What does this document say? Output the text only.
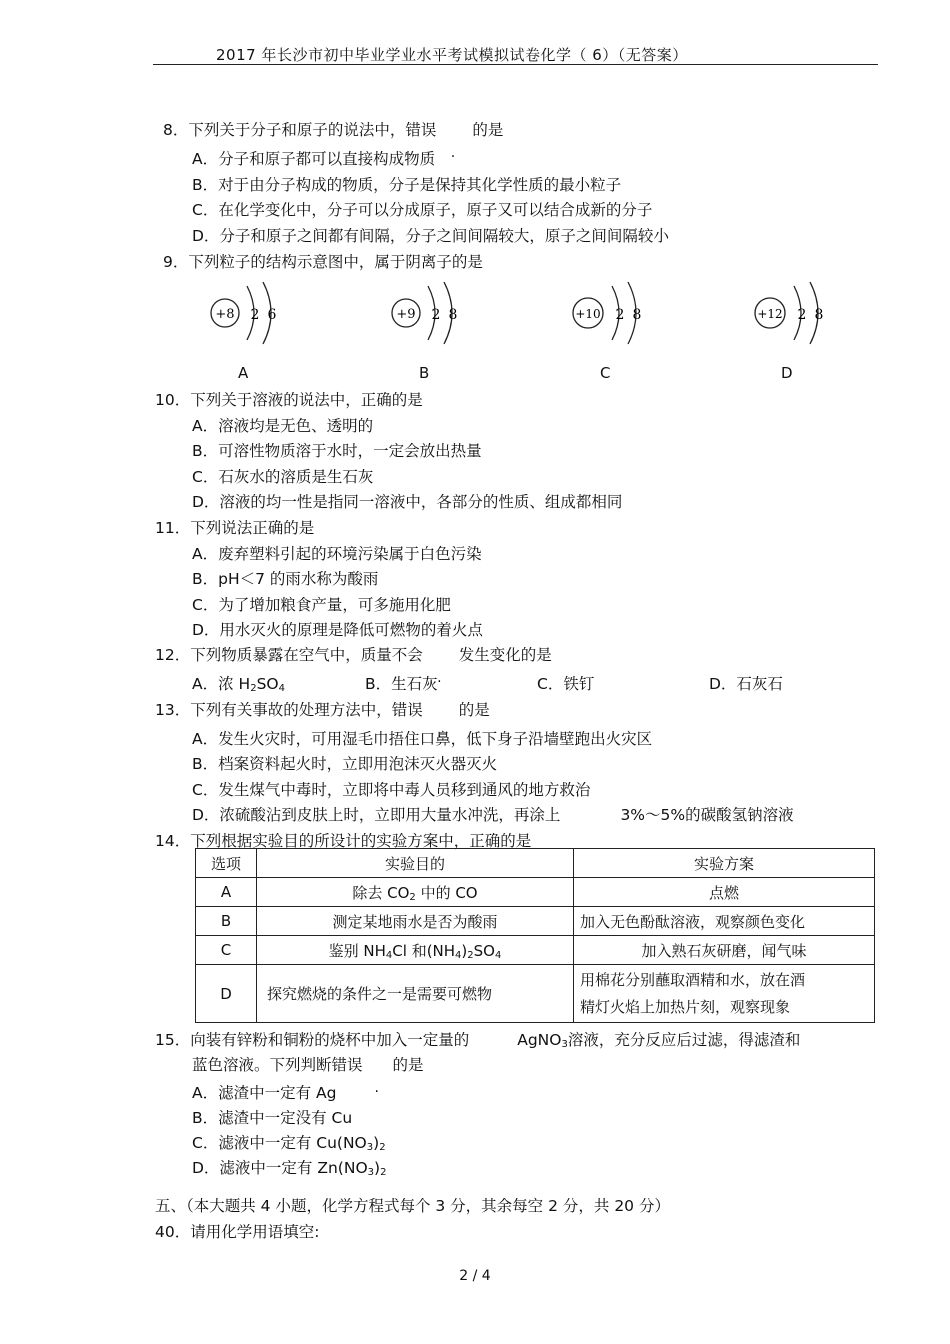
2017 年长沙市初中毕业学业水平考试模拟试卷化学（ 6）（无答案）
8．下列关于分子和原子的说法中，错误 的是
A．分子和原子都可以直接构成物质
B．对于由分子构成的物质，分子是保持其化学性质的最小粒子
C．在化学变化中，分子可以分成原子，原子又可以结合成新的分子
D．分子和原子之间都有间隔，分子之间间隔较大，原子之间间隔较小
9．下列粒子的结构示意图中，属于阴离子的是
+8 2 6	+9 2 8	+10 2 8	+12 2 8
A	B	C	D
10．下列关于溶液的说法中，正确的是
A．溶液均是无色、透明的
B．可溶性物质溶于水时，一定会放出热量
C．石灰水的溶质是生石灰
D．溶液的均一性是指同一溶液中，各部分的性质、组成都相同
11．下列说法正确的是
A．废弃塑料引起的环境污染属于白色污染
B．pH＜7 的雨水称为酸雨
C．为了增加粮食产量，可多施用化肥
D．用水灭火的原理是降低可燃物的着火点
12．下列物质暴露在空气中，质量不会 发生变化的是
A．浓 $H_2SO_4$	B．生石灰	C．铁钉	D．石灰石
13．下列有关事故的处理方法中，错误 的是
A．发生火灾时，可用湿毛巾捂住口鼻，低下身子沿墙壁跑出火灾区
B．档案资料起火时，立即用泡沫灭火器灭火
C．发生煤气中毒时，立即将中毒人员移到通风的地方救治
D．浓硫酸沾到皮肤上时，立即用大量水冲洗，再涂上	3%～5%的碳酸氢钠溶液
14．下列根据实验目的所设计的实验方案中，正确的是
选项	实验目的	实验方案
A	除去 $CO_2$ 中的 CO	点燃
B	测定某地雨水是否为酸雨	加入无色酚酞溶液，观察颜色变化
C	鉴别 $NH_4Cl$ 和$(NH_4)_2SO_4$	加入熟石灰研磨，闻气味
D	探究燃烧的条件之一是需要可燃物	用棉花分别蘸取酒精和水，放在酒
精灯火焰上加热片刻，观察现象
15．向装有锌粉和铜粉的烧杯中加入一定量的	AgNO$_3$溶液，充分反应后过滤，得滤渣和
蓝色溶液。下列判断错误 的是
A．滤渣中一定有 Ag
B．滤渣中一定没有 Cu
C．滤液中一定有 $Cu(NO_3)_2$
D．滤液中一定有 $Zn(NO_3)_2$
五、（本大题共 4 小题，化学方程式每个 3 分，其余每空 2 分，共 20 分）
40．请用化学用语填空:
2 / 4
